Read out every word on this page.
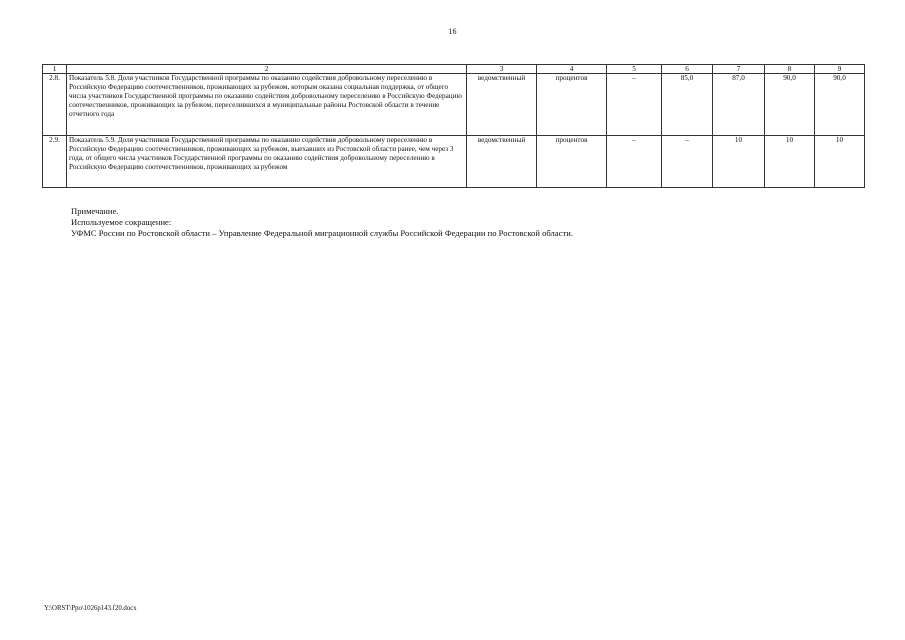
16
1	2	3	4	5	6	7	8	9
2.8.	Показатель 5.8. Доля участников Государственной программы по оказанию содействия добровольному переселению в Российскую Федерацию соотечественников, проживающих за рубежом, которым оказана социальная поддержка, от общего числа участников Государственной программы по оказанию содействия добровольному переселению в Российскую Федерацию соотечественников, проживающих за рубежом, переселившихся в муниципальные районы Ростовской области в течение отчетного года	ведомственный	процентов	–	85,0	87,0	90,0	90,0
2.9.	Показатель 5.9. Доля участников Государственной программы по оказанию содействия добровольному переселению в Российскую Федерацию соотечественников, проживающих за рубежом, выехавших из Ростовской области ранее, чем через 3 года, от общего числа участников Государственной программы по оказанию содействия добровольному переселению в Российскую Федерацию соотечественников, проживающих за рубежом	ведомственный	процентов	–	–	10	10	10
Примечание.
Используемое сокращение:
УФМС России по Ростовской области – Управление Федеральной миграционной службы Российской Федерации по Ростовской области.
Y:\ORST\Ppo\1026p143.f20.docx
